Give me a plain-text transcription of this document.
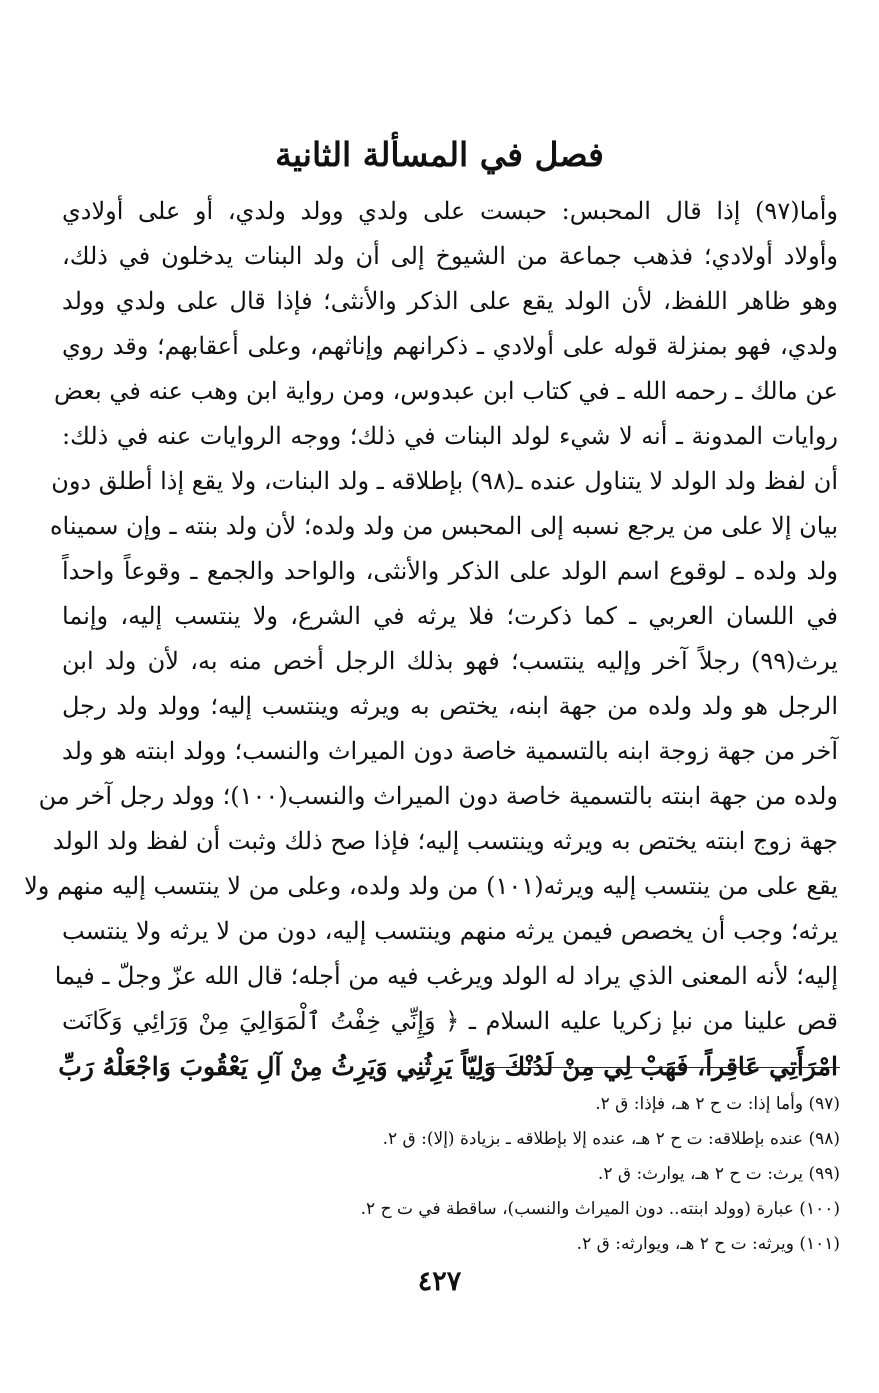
فصل في المسألة الثانية
وأما(٩٧) إذا قال المحبس: حبست على ولدي وولد ولدي، أو على أولادي
وأولاد أولادي؛ فذهب جماعة من الشيوخ إلى أن ولد البنات يدخلون في ذلك،
وهو ظاهر اللفظ، لأن الولد يقع على الذكر والأنثى؛ فإذا قال على ولدي وولد
ولدي، فهو بمنزلة قوله على أولادي ـ ذكرانهم وإناثهم، وعلى أعقابهم؛ وقد روي
عن مالك ـ رحمه الله ـ في كتاب ابن عبدوس، ومن رواية ابن وهب عنه في بعض
روايات المدونة ـ أنه لا شيء لولد البنات في ذلك؛ ووجه الروايات عنه في ذلك:
أن لفظ ولد الولد لا يتناول عنده ـ(٩٨) بإطلاقه ـ ولد البنات، ولا يقع إذا أطلق دون
بيان إلا على من يرجع نسبه إلى المحبس من ولد ولده؛ لأن ولد بنته ـ وإن سميناه
ولد ولده ـ لوقوع اسم الولد على الذكر والأنثى، والواحد والجمع ـ وقوعاً واحداً
في اللسان العربي ـ كما ذكرت؛ فلا يرثه في الشرع، ولا ينتسب إليه، وإنما
يرث(٩٩) رجلاً آخر وإليه ينتسب؛ فهو بذلك الرجل أخص منه به، لأن ولد ابن
الرجل هو ولد ولده من جهة ابنه، يختص به ويرثه وينتسب إليه؛ وولد ولد رجل
آخر من جهة زوجة ابنه بالتسمية خاصة دون الميراث والنسب؛ وولد ابنته هو ولد
ولده من جهة ابنته بالتسمية خاصة دون الميراث والنسب(١٠٠)؛ وولد رجل آخر من
جهة زوج ابنته يختص به ويرثه وينتسب إليه؛ فإذا صح ذلك وثبت أن لفظ ولد الولد
يقع على من ينتسب إليه ويرثه(١٠١) من ولد ولده، وعلى من لا ينتسب إليه منهم ولا
يرثه؛ وجب أن يخصص فيمن يرثه منهم وينتسب إليه، دون من لا يرثه ولا ينتسب
إليه؛ لأنه المعنى الذي يراد له الولد ويرغب فيه من أجله؛ قال الله عزّ وجلّ ـ فيما
قص علينا من نبإ زكريا عليه السلام ـ ﴿ وَإِنِّي خِفْتُ ٱلْمَوَالِيَ مِنْ وَرَائِي وَكَانَت
امْرَأَتِي عَاقِراً، فَهَبْ لِي مِنْ لَدُنْكَ وَلِيّاً يَرِثُنِي وَيَرِثُ مِنْ آلِ يَعْقُوبَ وَاجْعَلْهُ رَبِّ
(٩٧) وأما إذا: ت ح ٢ هـ، فإذا: ق ٢.
(٩٨) عنده بإطلاقه: ت ح ٢ هـ، عنده إلا بإطلاقه ـ بزيادة (إلا): ق ٢.
(٩٩) يرث: ت ح ٢ هـ، يوارث: ق ٢.
(١٠٠) عبارة (وولد ابنته.. دون الميراث والنسب)، ساقطة في ت ح ٢.
(١٠١) ويرثه: ت ح ٢ هـ، ويوارثه: ق ٢.
٤٢٧
